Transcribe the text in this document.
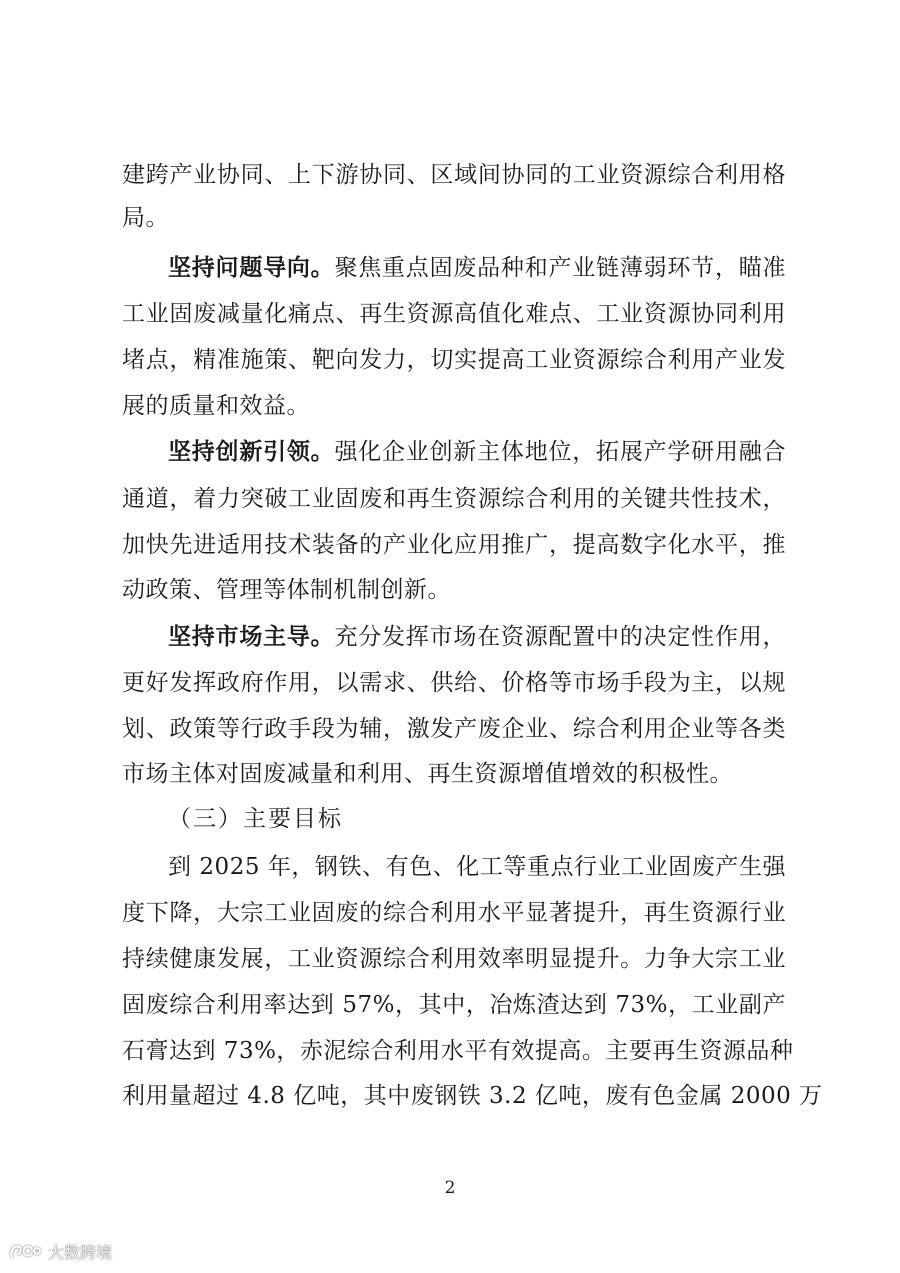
建跨产业协同、上下游协同、区域间协同的工业资源综合利用格
局。
坚持问题导向。聚焦重点固废品种和产业链薄弱环节，瞄准
工业固废减量化痛点、再生资源高值化难点、工业资源协同利用
堵点，精准施策、靶向发力，切实提高工业资源综合利用产业发
展的质量和效益。
坚持创新引领。强化企业创新主体地位，拓展产学研用融合
通道，着力突破工业固废和再生资源综合利用的关键共性技术，
加快先进适用技术装备的产业化应用推广，提高数字化水平，推
动政策、管理等体制机制创新。
坚持市场主导。充分发挥市场在资源配置中的决定性作用，
更好发挥政府作用，以需求、供给、价格等市场手段为主，以规
划、政策等行政手段为辅，激发产废企业、综合利用企业等各类
市场主体对固废减量和利用、再生资源增值增效的积极性。
（三）主要目标
到 2025 年，钢铁、有色、化工等重点行业工业固废产生强
度下降，大宗工业固废的综合利用水平显著提升，再生资源行业
持续健康发展，工业资源综合利用效率明显提升。力争大宗工业
固废综合利用率达到 57%，其中，冶炼渣达到 73%，工业副产
石膏达到 73%，赤泥综合利用水平有效提高。主要再生资源品种
利用量超过 4.8 亿吨，其中废钢铁 3.2 亿吨，废有色金属 2000 万
2
大数跨境
